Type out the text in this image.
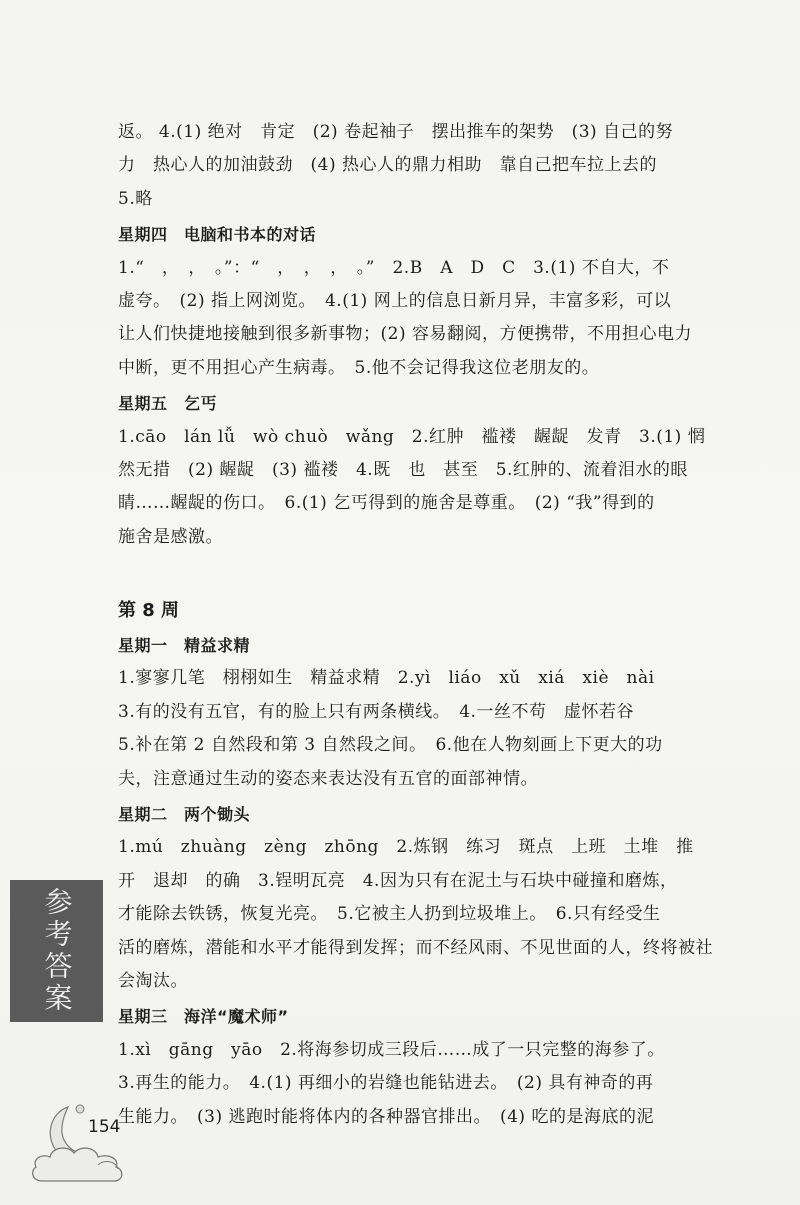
返。 4.(1) 绝对　肯定　(2) 卷起袖子　摆出推车的架势　(3) 自己的努
力　热心人的加油鼓劲　(4) 热心人的鼎力相助　靠自己把车拉上去的
5.略
星期四　电脑和书本的对话
1.“　，　，　。”：“　，　，　，　。”　2.B　A　D　C　3.(1) 不自大，不
虚夸。　(2) 指上网浏览。　4.(1) 网上的信息日新月异，丰富多彩，可以
让人们快捷地接触到很多新事物；(2) 容易翻阅，方便携带，不用担心电力
中断，更不用担心产生病毒。　5.他不会记得我这位老朋友的。
星期五　乞丐
1.cāo　lán lǚ　wò chuò　wǎng　2.红肿　褴褛　龌龊　发青　3.(1) 惘
然无措　(2) 龌龊　(3) 褴褛　4.既　也　甚至　5.红肿的、流着泪水的眼
睛……龌龊的伤口。　6.(1) 乞丐得到的施舍是尊重。　(2) “我”得到的
施舍是感激。
第 8 周
星期一　精益求精
1.寥寥几笔　栩栩如生　精益求精　2.yì　liáo　xǔ　xiá　xiè　nài
3.有的没有五官，有的脸上只有两条横线。　4.一丝不苟　虚怀若谷
5.补在第 2 自然段和第 3 自然段之间。　6.他在人物刻画上下更大的功
夫，注意通过生动的姿态来表达没有五官的面部神情。
星期二　两个锄头
1.mú　zhuàng　zèng　zhōng　2.炼钢　练习　斑点　上班　土堆　推
开　退却　的确　3.锃明瓦亮　4.因为只有在泥土与石块中碰撞和磨炼，
才能除去铁锈，恢复光亮。　5.它被主人扔到垃圾堆上。　6.只有经受生
活的磨炼，潜能和水平才能得到发挥；而不经风雨、不见世面的人，终将被社
会淘汰。
星期三　海洋“魔术师”
1.xì　gāng　yāo　2.将海参切成三段后……成了一只完整的海参了。
3.再生的能力。　4.(1) 再细小的岩缝也能钻进去。　(2) 具有神奇的再
生能力。　(3) 逃跑时能将体内的各种器官排出。　(4) 吃的是海底的泥
参考答案
154
